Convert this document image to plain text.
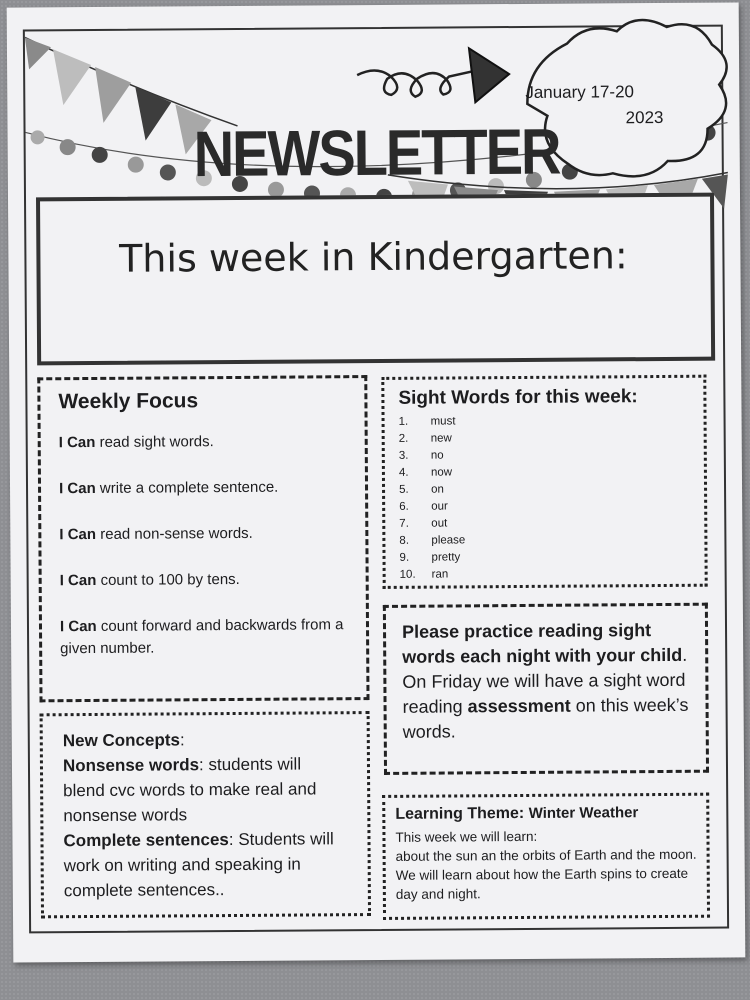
January 17-20
2023
NEWSLETTER
This week in Kindergarten:
Weekly Focus
I Can read sight words.
I Can write a complete sentence.
I Can read non-sense words.
I Can count to 100 by tens.
I Can count forward and backwards from a given number.
Sight Words for this week:
1.	must
2.	new
3.	no
4.	now
5.	on
6.	our
7.	out
8.	please
9.	pretty
10.	ran
Please practice reading sight words each night with your child. On Friday we will have a sight word reading assessment on this week’s words.
New Concepts:
Nonsense words: students will blend cvc words to make real and nonsense words
Complete sentences: Students will work on writing and speaking in complete sentences..
Learning Theme: Winter Weather
This week we will learn:
about the sun an the orbits of Earth and the moon. We will learn about how the Earth spins to create day and night.
